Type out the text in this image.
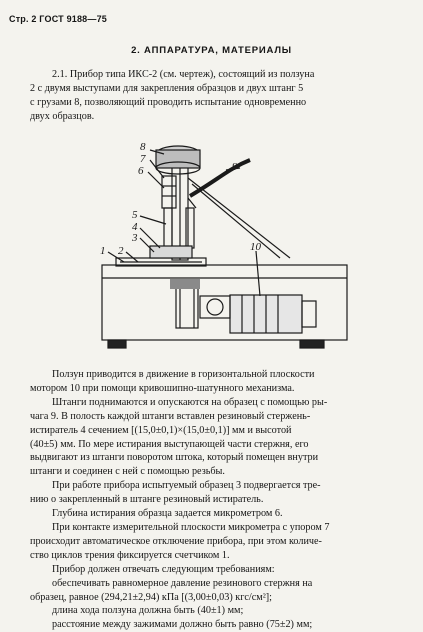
Стр. 2 ГОСТ 9188—75
2. АППАРАТУРА, МАТЕРИАЛЫ
2.1. Прибор типа ИКС-2 (см. чертеж), состоящий из ползуна
2 с двумя выступами для закрепления образцов и двух штанг 5
с грузами 8, позволяющий проводить испытание одновременно
двух образцов.
8
7
6
5
4
3
1 2
9
10
Ползун приводится в движение в горизонтальной плоскости
мотором 10 при помощи кривошипно-шатунного механизма.
Штанги поднимаются и опускаются на образец с помощью ры-
чага 9. В полость каждой штанги вставлен резиновый стержень-
истиратель 4 сечением [(15,0±0,1)×(15,0±0,1)] мм и высотой
(40±5) мм. По мере истирания выступающей части стержня, его
выдвигают из штанги поворотом штока, который помещен внутри
штанги и соединен с ней с помощью резьбы.
При работе прибора испытуемый образец 3 подвергается тре-
нию о закрепленный в штанге резиновый истиратель.
Глубина истирания образца задается микрометром 6.
При контакте измерительной плоскости микрометра с упором 7
происходит автоматическое отключение прибора, при этом количе-
ство циклов трения фиксируется счетчиком 1.
Прибор должен отвечать следующим требованиям:
обеспечивать равномерное давление резинового стержня на
образец, равное (294,21±2,94) кПа [(3,00±0,03) кгс/см²];
длина хода ползуна должна быть (40±1) мм;
расстояние между зажимами должно быть равно (75±2) мм;
